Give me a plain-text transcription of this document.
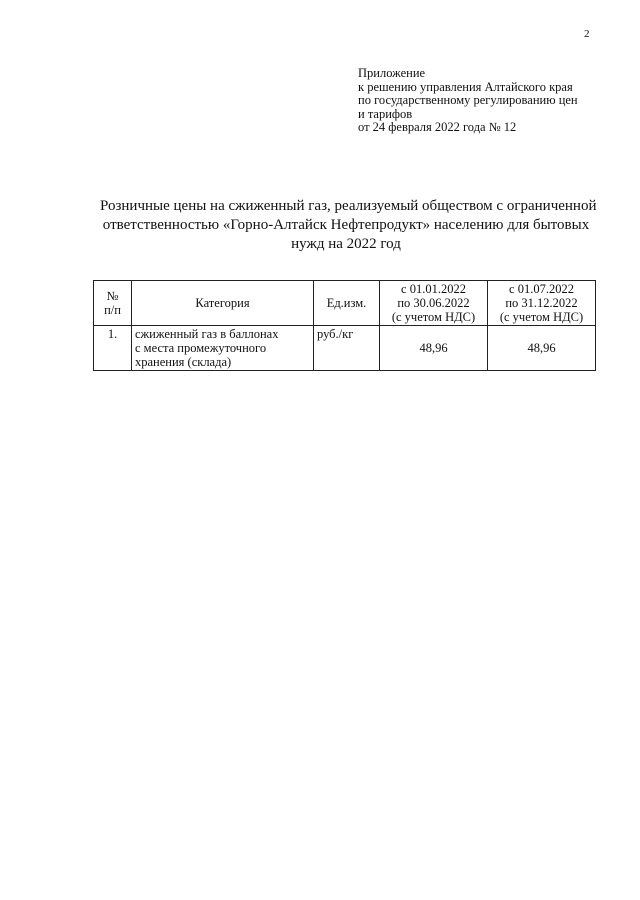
2
Приложение
к решению управления Алтайского края
по государственному регулированию цен
и тарифов
от 24 февраля 2022 года № 12
Розничные цены на сжиженный газ, реализуемый обществом с ограниченной
ответственностью «Горно-Алтайск Нефтепродукт» населению для бытовых
нужд на 2022 год
№
п/п	Категория	Ед.изм.	с 01.01.2022
по 30.06.2022
(с учетом НДС)	с 01.07.2022
по 31.12.2022
(с учетом НДС)

1.	сжиженный газ в баллонах
с места промежуточного
хранения (склада)	руб./кг	48,96	48,96
